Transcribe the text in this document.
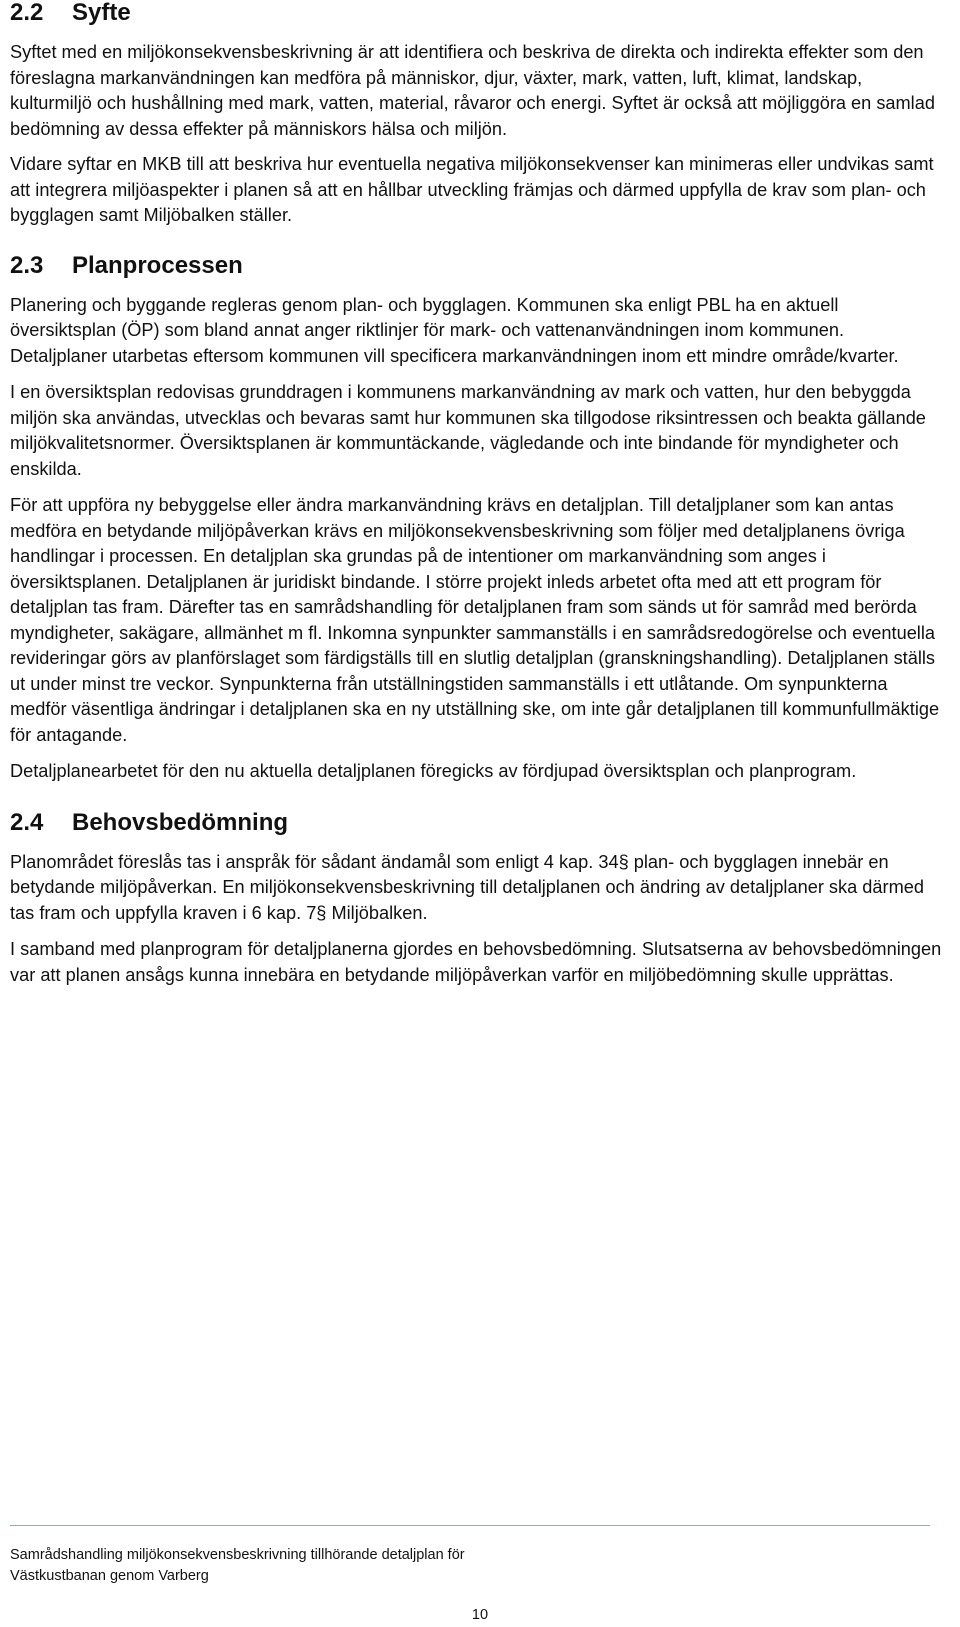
2.2 Syfte

Syftet med en miljökonsekvensbeskrivning är att identifiera och beskriva de direkta och indirekta effekter som den föreslagna markanvändningen kan medföra på människor, djur, växter, mark, vatten, luft, klimat, landskap, kulturmiljö och hushållning med mark, vatten, material, råvaror och energi. Syftet är också att möjliggöra en samlad bedömning av dessa effekter på människors hälsa och miljön.

Vidare syftar en MKB till att beskriva hur eventuella negativa miljökonsekvenser kan minimeras eller undvikas samt att integrera miljöaspekter i planen så att en hållbar utveckling främjas och därmed uppfylla de krav som plan- och bygglagen samt Miljöbalken ställer.

2.3 Planprocessen

Planering och byggande regleras genom plan- och bygglagen. Kommunen ska enligt PBL ha en aktuell översiktsplan (ÖP) som bland annat anger riktlinjer för mark- och vattenanvändningen inom kommunen. Detaljplaner utarbetas eftersom kommunen vill specificera markanvändningen inom ett mindre område/kvarter.

I en översiktsplan redovisas grunddragen i kommunens markanvändning av mark och vatten, hur den bebyggda miljön ska användas, utvecklas och bevaras samt hur kommunen ska tillgodose riksintressen och beakta gällande miljökvalitetsnormer. Översiktsplanen är kommuntäckande, vägledande och inte bindande för myndigheter och enskilda.

För att uppföra ny bebyggelse eller ändra markanvändning krävs en detaljplan. Till detaljplaner som kan antas medföra en betydande miljöpåverkan krävs en miljökonsekvensbeskrivning som följer med detaljplanens övriga handlingar i processen. En detaljplan ska grundas på de intentioner om markanvändning som anges i översiktsplanen. Detaljplanen är juridiskt bindande. I större projekt inleds arbetet ofta med att ett program för detaljplan tas fram. Därefter tas en samrådshandling för detaljplanen fram som sänds ut för samråd med berörda myndigheter, sakägare, allmänhet m fl. Inkomna synpunkter sammanställs i en samrådsredogörelse och eventuella revideringar görs av planförslaget som färdigställs till en slutlig detaljplan (granskningshandling). Detaljplanen ställs ut under minst tre veckor. Synpunkterna från utställningstiden sammanställs i ett utlåtande. Om synpunkterna medför väsentliga ändringar i detaljplanen ska en ny utställning ske, om inte går detaljplanen till kommunfullmäktige för antagande.

Detaljplanearbetet för den nu aktuella detaljplanen föregicks av fördjupad översiktsplan och planprogram.

2.4 Behovsbedömning

Planområdet föreslås tas i anspråk för sådant ändamål som enligt 4 kap. 34§ plan- och bygglagen innebär en betydande miljöpåverkan. En miljökonsekvensbeskrivning till detaljplanen och ändring av detaljplaner ska därmed tas fram och uppfylla kraven i 6 kap. 7§ Miljöbalken.

I samband med planprogram för detaljplanerna gjordes en behovsbedömning. Slutsatserna av behovsbedömningen var att planen ansågs kunna innebära en betydande miljöpåverkan varför en miljöbedömning skulle upprättas.

Samrådshandling miljökonsekvensbeskrivning tillhörande detaljplan för
Västkustbanan genom Varberg
10
